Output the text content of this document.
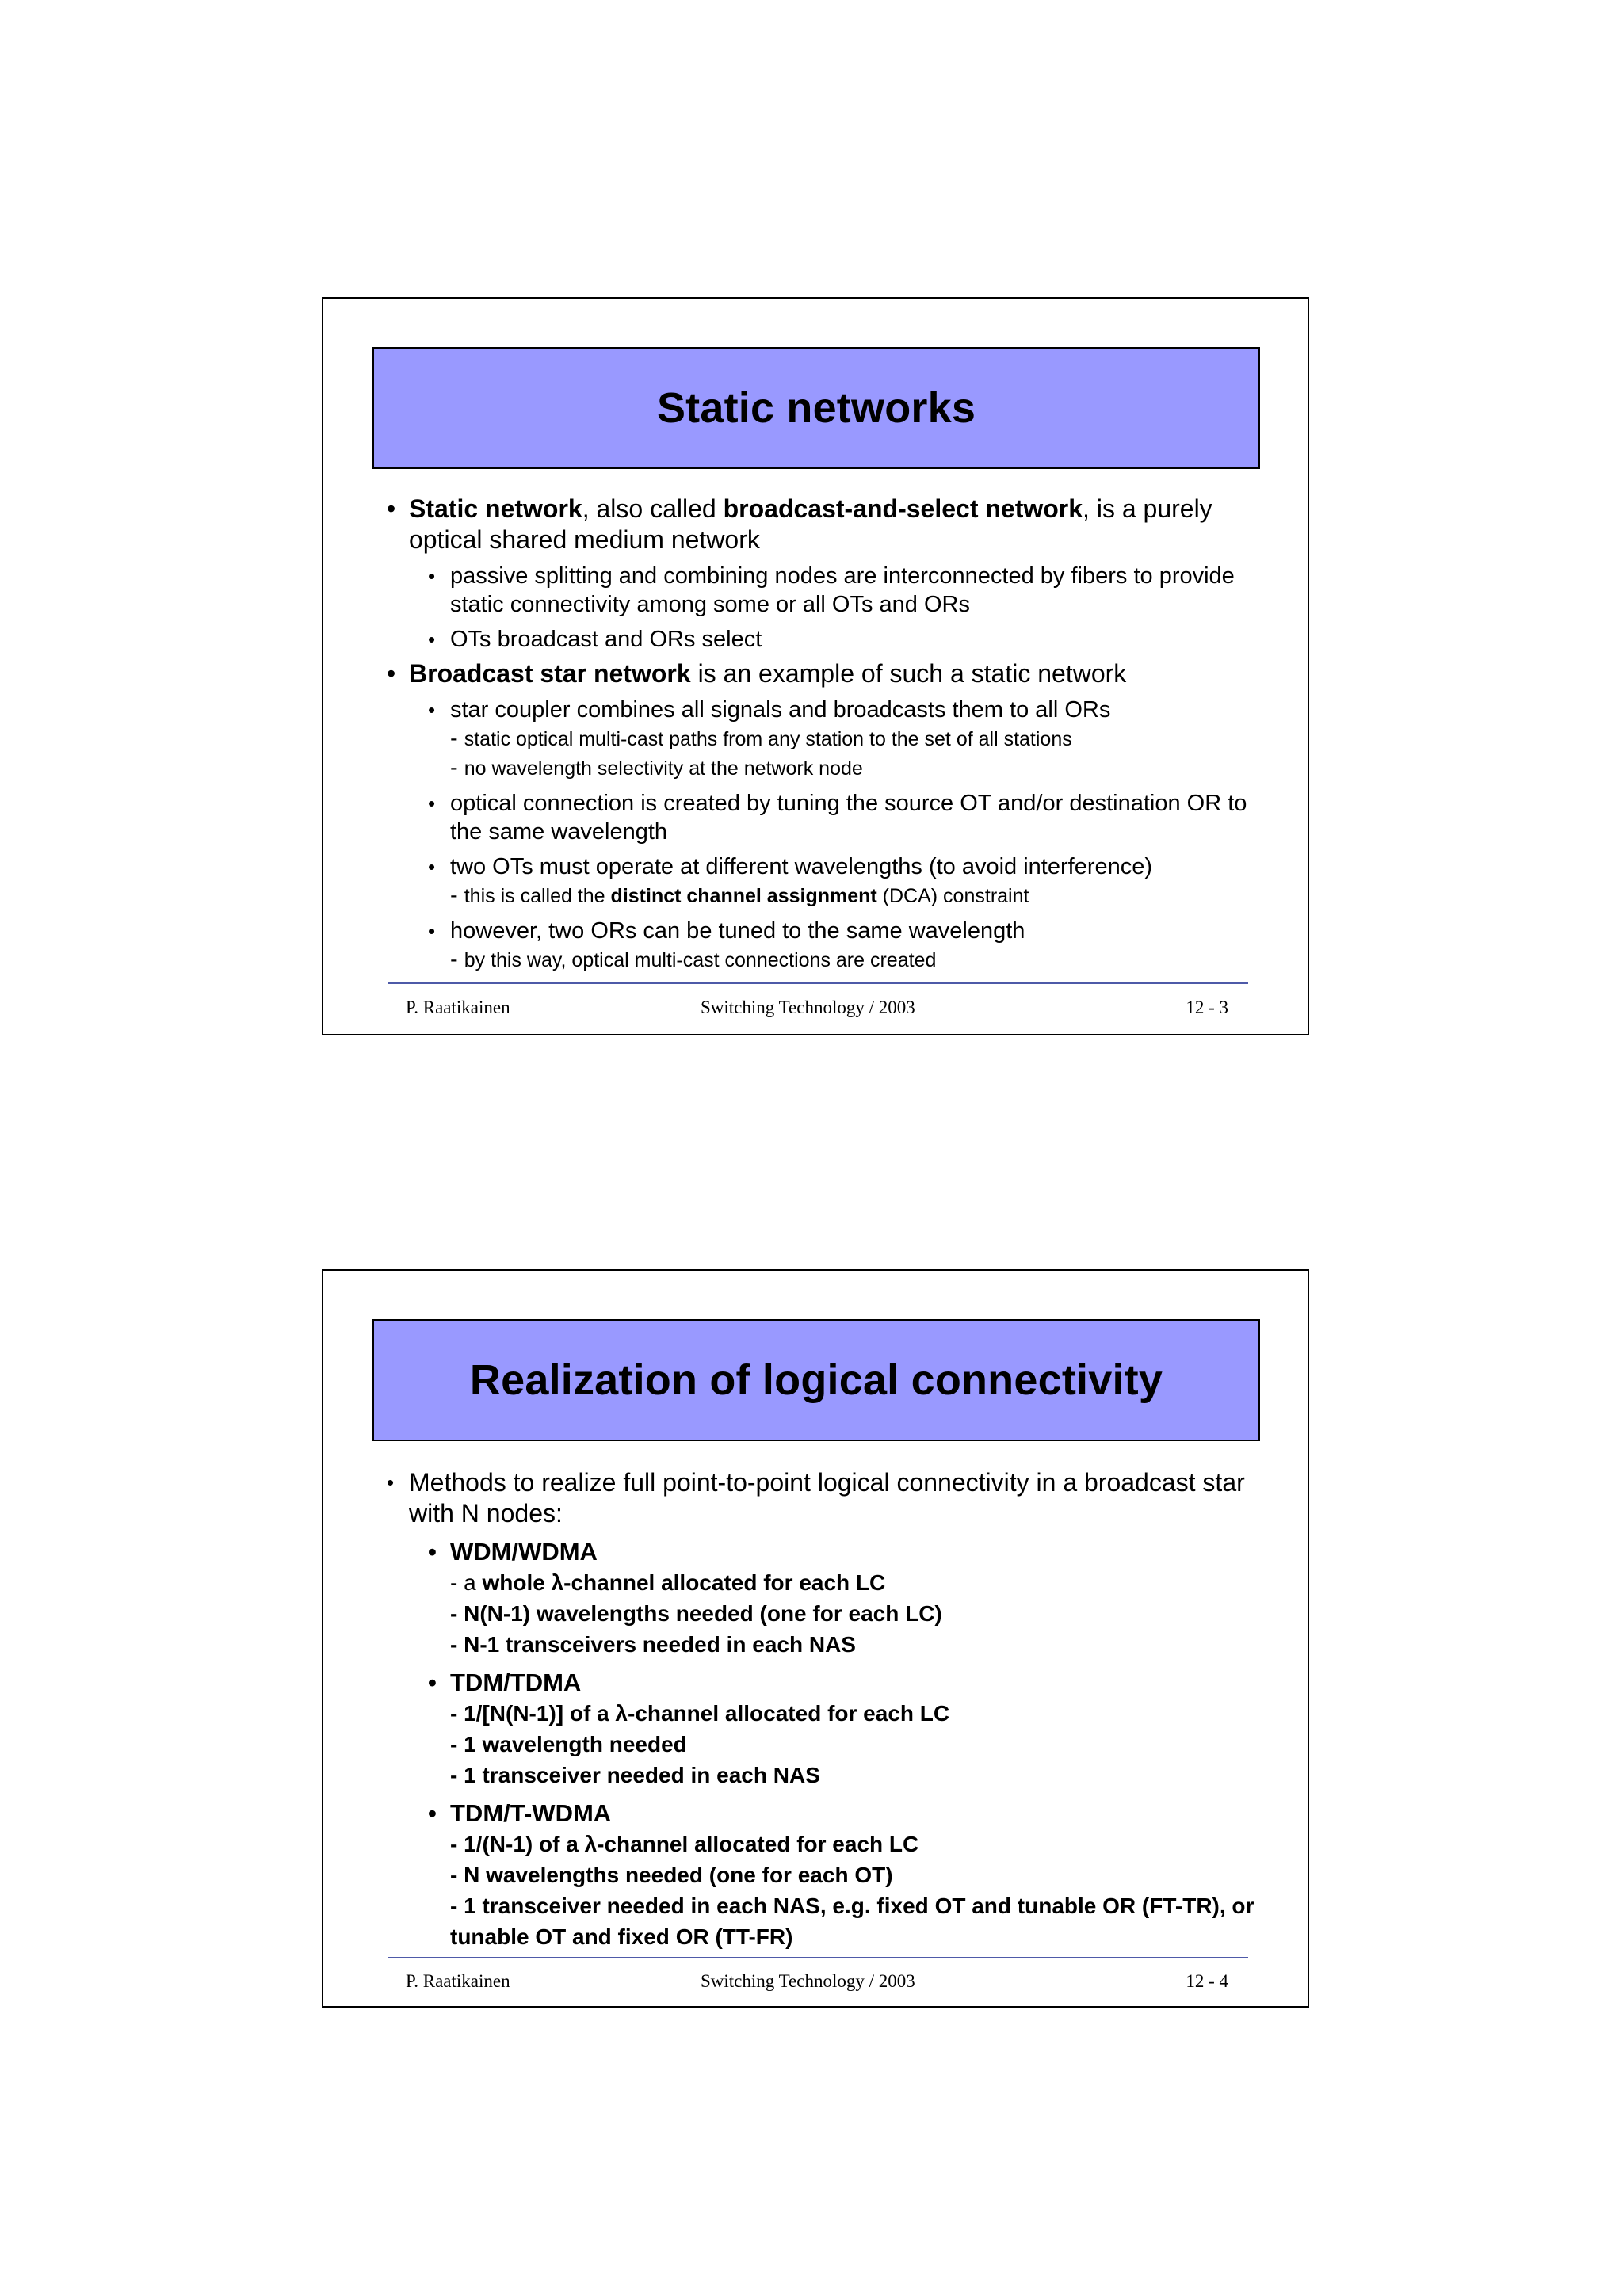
Static networks
• Static network, also called broadcast-and-select network, is a purely optical shared medium network
• passive splitting and combining nodes are interconnected by fibers to provide static connectivity among some or all OTs and ORs
• OTs broadcast and ORs select
• Broadcast star network is an example of such a static network
• star coupler combines all signals and broadcasts them to all ORs
- static optical multi-cast paths from any station to the set of all stations
- no wavelength selectivity at the network node
• optical connection is created by tuning the source OT and/or destination OR to the same wavelength
• two OTs must operate at different wavelengths (to avoid interference)
- this is called the distinct channel assignment (DCA) constraint
• however, two ORs can be tuned to the same wavelength
- by this way, optical multi-cast connections are created
P. Raatikainen	Switching Technology / 2003	12 - 3
Realization of logical connectivity
• Methods to realize full point-to-point logical connectivity in a broadcast star with N nodes:
• WDM/WDMA
- a whole λ-channel allocated for each LC
- N(N-1) wavelengths needed (one for each LC)
- N-1 transceivers needed in each NAS
• TDM/TDMA
- 1/[N(N-1)] of a λ-channel allocated for each LC
- 1 wavelength needed
- 1 transceiver needed in each NAS
• TDM/T-WDMA
- 1/(N-1) of a λ-channel allocated for each LC
- N wavelengths needed (one for each OT)
- 1 transceiver needed in each NAS, e.g. fixed OT and tunable OR (FT-TR), or tunable OT and fixed OR (TT-FR)
P. Raatikainen	Switching Technology / 2003	12 - 4
